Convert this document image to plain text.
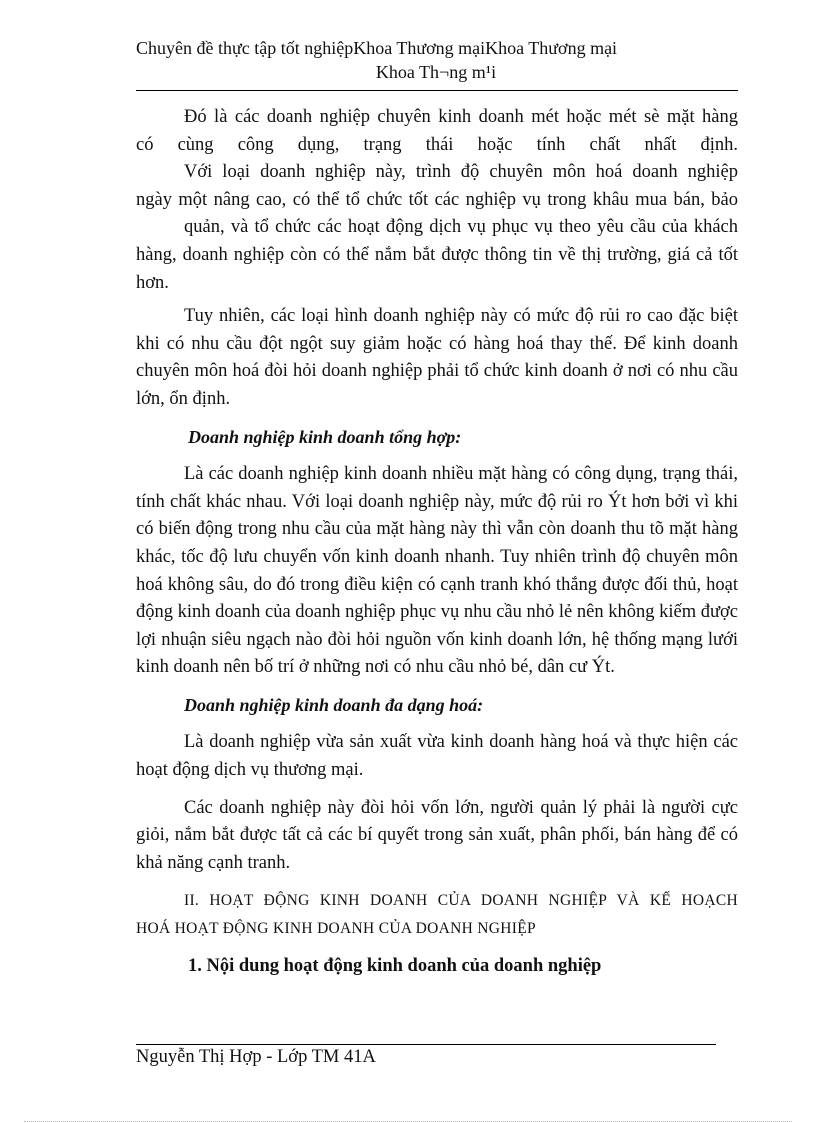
Chuyên đề thực tập tốt nghiệpKhoa Thương mạiKhoa Thương mại
Khoa Th¬ng m¹i

Đó là các doanh nghiệp chuyên kinh doanh mét hoặc mét sè mặt hàng

có cùng công dụng, trạng thái hoặc tính chất nhất định.

Với loại doanh nghiệp này, trình độ chuyên môn hoá doanh nghiệp

ngày một nâng cao, có thể tổ chức tốt các nghiệp vụ trong khâu mua bán, bảo

quản, và tổ chức các hoạt động dịch vụ phục vụ theo yêu cầu của khách

hàng, doanh nghiệp còn có thể nắm bắt được thông tin về thị trường, giá cả tốt hơn.

Tuy nhiên, các loại hình doanh nghiệp này có mức độ rủi ro cao đặc biệt khi có nhu cầu đột ngột suy giảm hoặc có hàng hoá thay thế. Để kinh doanh chuyên môn hoá đòi hỏi doanh nghiệp phải tổ chức kinh doanh ở nơi có nhu cầu lớn, ổn định.

Doanh nghiệp kinh doanh tổng hợp:

Là các doanh nghiệp kinh doanh nhiều mặt hàng có công dụng, trạng thái, tính chất khác nhau. Với loại doanh nghiệp này, mức độ rủi ro Ýt hơn bởi vì khi có biến động trong nhu cầu của mặt hàng này thì vẫn còn doanh thu tõ mặt hàng khác, tốc độ lưu chuyển vốn kinh doanh nhanh. Tuy nhiên trình độ chuyên môn hoá không sâu, do đó trong điều kiện có cạnh tranh khó thắng được đối thủ, hoạt động kinh doanh của doanh nghiệp phục vụ nhu cầu nhỏ lẻ nên không kiếm được lợi nhuận siêu ngạch nào đòi hỏi nguồn vốn kinh doanh lớn, hệ thống mạng lưới kinh doanh nên bố trí ở những nơi có nhu cầu nhỏ bé, dân cư Ýt.

Doanh nghiệp kinh doanh đa dạng hoá:

Là doanh nghiệp vừa sản xuất vừa kinh doanh hàng hoá và thực hiện các hoạt động dịch vụ thương mại.

Các doanh nghiệp này đòi hỏi vốn lớn, người quản lý phải là người cực giỏi, nắm bắt được tất cả các bí quyết trong sản xuất, phân phối, bán hàng để có khả năng cạnh tranh.

II. HOẠT ĐỘNG KINH DOANH CỦA DOANH NGHIỆP VÀ KẾ HOẠCH

HOÁ HOẠT ĐỘNG KINH DOANH CỦA DOANH NGHIỆP

1. Nội dung hoạt động kinh doanh của doanh nghiệp

Nguyễn Thị Hợp - Lớp TM 41A
